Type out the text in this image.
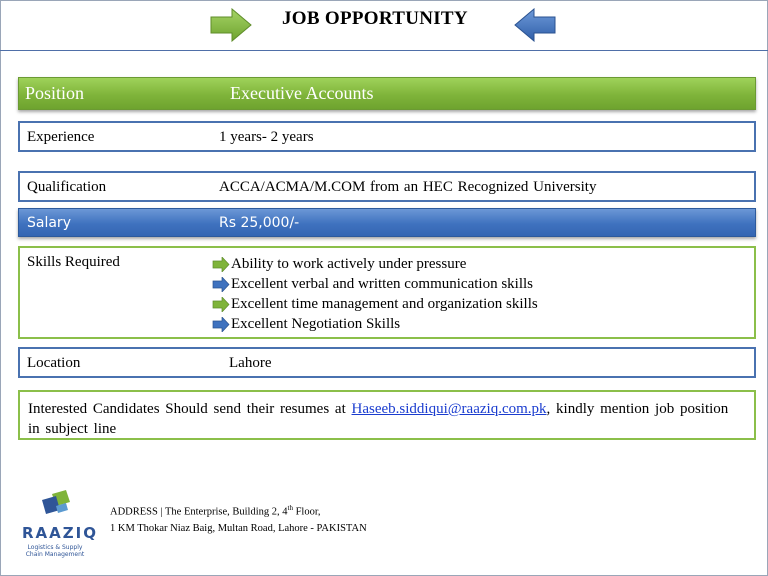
JOB OPPORTUNITY
Position	Executive Accounts
Experience	1 years- 2 years
Qualification	ACCA/ACMA/M.COM from an HEC Recognized University
Salary	Rs 25,000/-
Skills Required	Ability to work actively under pressure
Excellent verbal and written communication skills
Excellent time management and organization skills
Excellent Negotiation Skills
Location	Lahore
Interested Candidates Should send their resumes at Haseeb.siddiqui@raaziq.com.pk, kindly mention job position in subject line
RAAZIQ
Logistics & Supply Chain Management
ADDRESS | The Enterprise, Building 2, 4th Floor,
1 KM Thokar Niaz Baig, Multan Road, Lahore - PAKISTAN
